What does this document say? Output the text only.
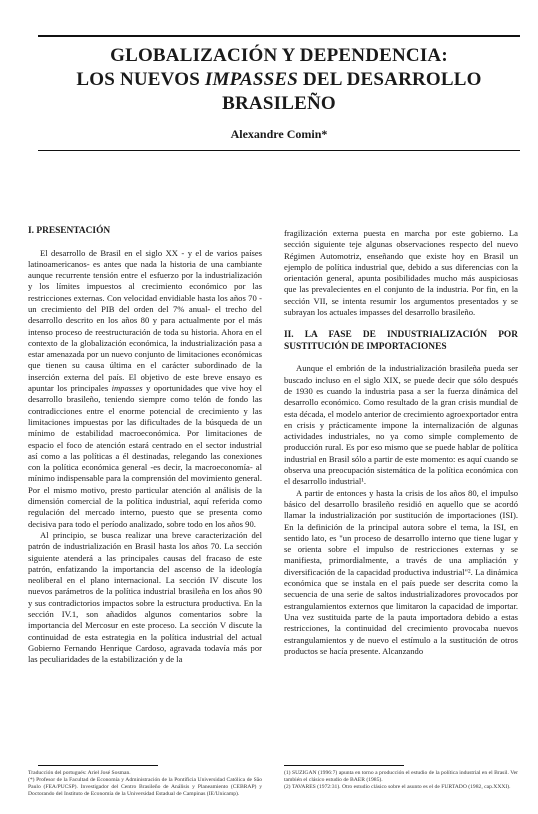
GLOBALIZACIÓN Y DEPENDENCIA:
LOS NUEVOS IMPASSES DEL DESARROLLO
BRASILEÑO
Alexandre Comin*
I. PRESENTACIÓN

El desarrollo de Brasil en el siglo XX - y el de varios países latinoamericanos- es antes que nada la historia de una cambiante aunque recurrente tensión entre el esfuerzo por la industrialización y los límites impuestos al crecimiento económico por las restricciones externas. Con velocidad envidiable hasta los años 70 -un crecimiento del PIB del orden del 7% anual- el trecho del desarrollo descrito en los años 80 y para actualmente por el más intenso proceso de reestructuración de toda su historia. Ahora en el contexto de la globalización económica, la industrialización pasa a estar amenazada por un nuevo conjunto de limitaciones económicas que tienen su causa última en el carácter subordinado de la inserción externa del país. El objetivo de este breve ensayo es apuntar los principales impasses y oportunidades que vive hoy el desarrollo brasileño, teniendo siempre como telón de fondo las contradicciones entre el enorme potencial de crecimiento y las limitaciones impuestas por las dificultades de la búsqueda de un mínimo de estabilidad macroeconómica. Por limitaciones de espacio el foco de atención estará centrado en el sector industrial así como a las políticas a él destinadas, relegando las conexiones con la política económica general -es decir, la macroeconomía- al mínimo indispensable para la comprensión del movimiento general. Por el mismo motivo, presto particular atención al análisis de la dimensión comercial de la política industrial, aquí referida como regulación del mercado interno, puesto que se presenta como decisiva para todo el período analizado, sobre todo en los años 90.

Al principio, se busca realizar una breve caracterización del patrón de industrialización en Brasil hasta los años 70. La sección siguiente atenderá a las principales causas del fracaso de este patrón, enfatizando la importancia del ascenso de la ideología neoliberal en el plano internacional. La sección IV discute los nuevos parámetros de la política industrial brasileña en los años 90 y sus contradictorios impactos sobre la estructura productiva. En la sección IV.1, son añadidos algunos comentarios sobre la importancia del Mercosur en este proceso. La sección V discute la continuidad de esta estrategia en la política industrial del actual Gobierno Fernando Henrique Cardoso, agravada todavía más por las peculiaridades de la estabilización y de la

fragilización externa puesta en marcha por este gobierno. La sección siguiente teje algunas observaciones respecto del nuevo Régimen Automotriz, enseñando que existe hoy en Brasil un ejemplo de política industrial que, debido a sus diferencias con la orientación general, apunta posibilidades mucho más auspiciosas que las prevalecientes en el conjunto de la industria. Por fin, en la sección VII, se intenta resumir los argumentos presentados y se subrayan los actuales impasses del desarrollo brasileño.

II. LA FASE DE INDUSTRIALIZACIÓN POR SUSTITUCIÓN DE IMPORTACIONES

Aunque el embrión de la industrialización brasileña pueda ser buscado incluso en el siglo XIX, se puede decir que sólo después de 1930 es cuando la industria pasa a ser la fuerza dinámica del desarrollo económico. Como resultado de la gran crisis mundial de esta década, el modelo anterior de crecimiento agroexportador entra en crisis y prácticamente impone la internalización de algunas actividades industriales, no ya como simple complemento de producción rural. Es por eso mismo que se puede hablar de política industrial en Brasil sólo a partir de este momento: es aquí cuando se observa una preocupación sistemática de la política económica con el desarrollo industrial¹.

A partir de entonces y hasta la crisis de los años 80, el impulso básico del desarrollo brasileño residió en aquello que se acordó llamar la industrialización por sustitución de importaciones (ISI). En la definición de la principal autora sobre el tema, la ISI, en sentido lato, es "un proceso de desarrollo interno que tiene lugar y se orienta sobre el impulso de restricciones externas y se manifiesta, primordialmente, a través de una ampliación y diversificación de la capacidad productiva industrial"². La dinámica económica que se instala en el país puede ser descrita como la secuencia de una serie de saltos industrializadores provocados por estrangulamientos externos que limitaron la capacidad de importar. Una vez sustituida parte de la pauta importadora debido a estas restricciones, la continuidad del crecimiento provocaba nuevos estrangulamientos y de nuevo el estímulo a la sustitución de otros productos se hacía presente. Alcanzando

Traducción del portugués: Ariel José Sosman.

(*) Profesor de la Facultad de Economía y Administración de la Pontificia Universidad Católica de São Paulo (FEA/PUCSP). Investigador del Centro Brasileño de Análisis y Planeamiento (CEBRAP) y Doctorando del Instituto de Economía de la Universidad Estadual de Campinas (IE/Unicamp).

(1) SUZIGAN (1996:7) apunta en torno a producción el estudio de la política industrial en el Brasil. Ver también el clásico estudio de BAER (1985).

(2) TAVARES (1972:31). Otro estudio clásico sobre el asunto es el de FURTADO (1982, cap.XXXI).
